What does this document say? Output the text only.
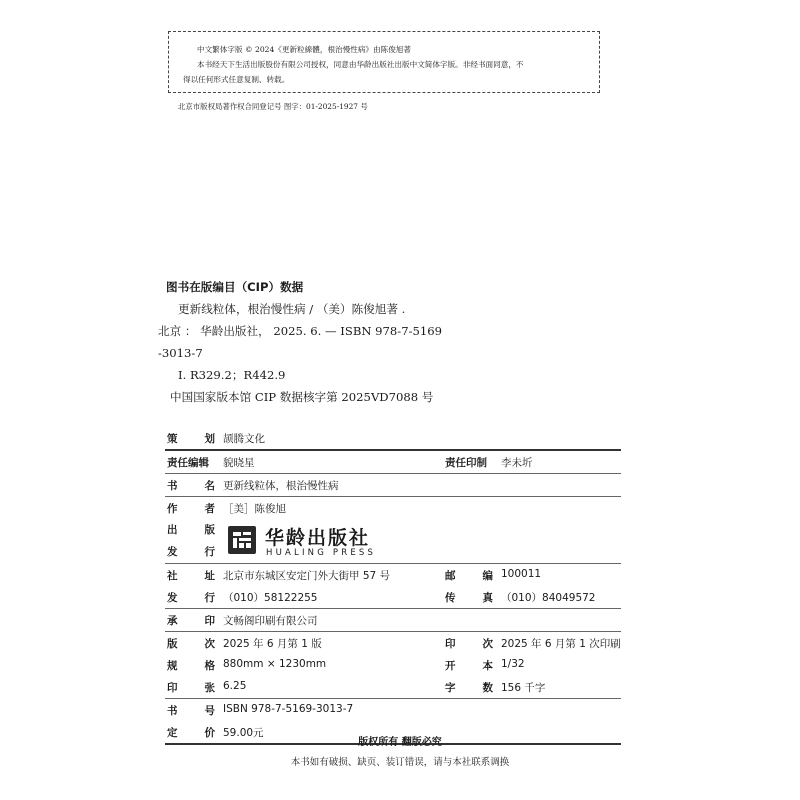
中文繁体字版 © 2024《更新粒線體，根治慢性病》由陈俊旭著
本书经天下生活出版股份有限公司授权，同意由华龄出版社出版中文简体字版。非经书面同意，不
得以任何形式任意复制、转载。
北京市版权局著作权合同登记号 图字：01-2025-1927 号
图书在版编目（CIP）数据
更新线粒体，根治慢性病 / （美）陈俊旭著 .
北京 ： 华龄出版社， 2025. 6. — ISBN 978-7-5169
-3013-7
Ⅰ. R329.2；R442.9
中国国家版本馆 CIP 数据核字第 2025VD7088 号
策	划 颉腾文化
责任编辑	貌晓星	责任印制	李未圻
书	名 更新线粒体，根治慢性病
作	者 ［美］陈俊旭
出	版
发	行
华龄出版社
HUALING PRESS
社	址 北京市东城区安定门外大街甲 57 号	邮	编 100011
发	行 （010）58122255	传	真 （010）84049572
承	印 文畅阁印刷有限公司
版	次 2025 年 6 月第 1 版	印	次 2025 年 6 月第 1 次印刷
规	格 880mm × 1230mm	开	本 1/32
印	张 6.25	字	数 156 千字
书	号 ISBN 978-7-5169-3013-7
定	价 59.00元
版权所有 翻版必究
本书如有破损、缺页、装订错误，请与本社联系调换
